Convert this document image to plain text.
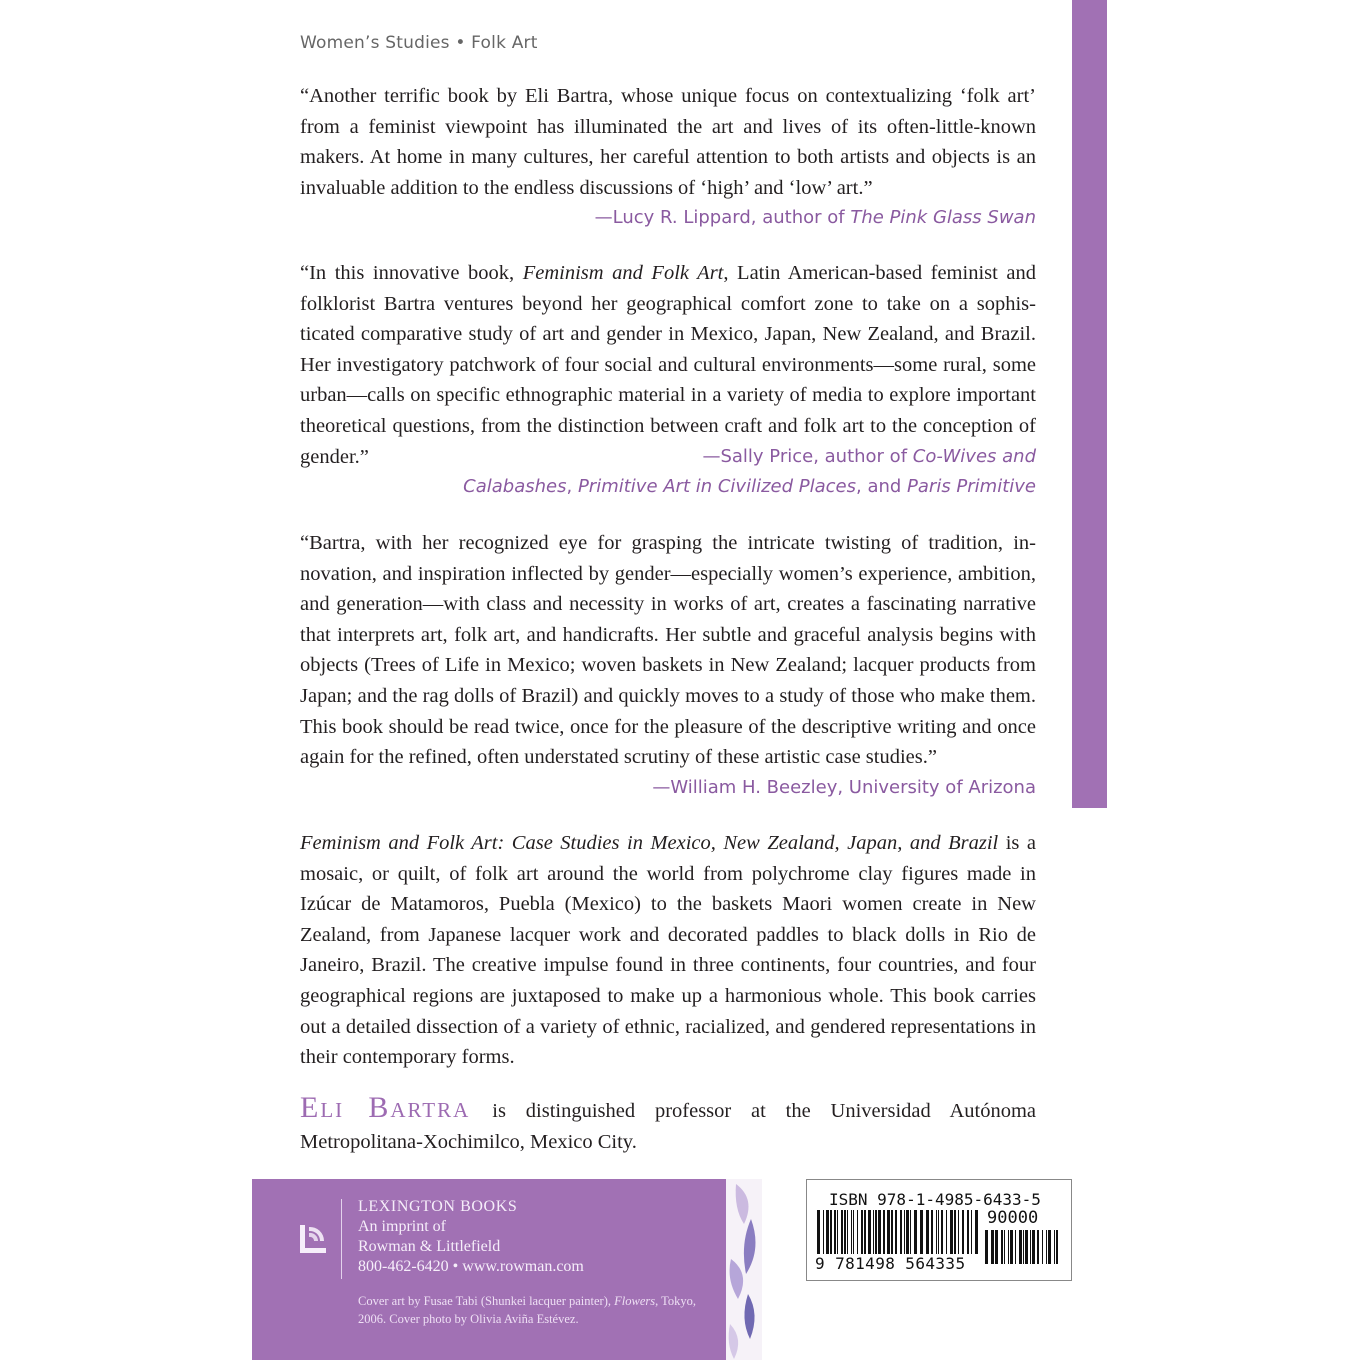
Women’s Studies • Folk Art

“Another terrific book by Eli Bartra, whose unique focus on contextualizing ‘folk art’ from a feminist viewpoint has illuminated the art and lives of its often-little-known makers. At home in many cultures, her careful attention to both artists and objects is an invaluable addition to the endless discussions of ‘high’ and ‘low’ art.”

—Lucy R. Lippard, author of The Pink Glass Swan

“In this innovative book, Feminism and Folk Art, Latin American-based feminist and folklorist Bartra ventures beyond her geographical comfort zone to take on a sophisticated comparative study of art and gender in Mexico, Japan, New Zealand, and Brazil. Her investigatory patchwork of four social and cultural environments—some rural, some urban—calls on specific ethnographic material in a variety of media to explore important theoretical questions, from the distinction between craft and folk art to the conception of gender.”	—Sally Price, author of Co-Wives and

Calabashes, Primitive Art in Civilized Places, and Paris Primitive

“Bartra, with her recognized eye for grasping the intricate twisting of tradition, innovation, and inspiration inflected by gender—especially women’s experience, ambition, and generation—with class and necessity in works of art, creates a fascinating narrative that interprets art, folk art, and handicrafts. Her subtle and graceful analysis begins with objects (Trees of Life in Mexico; woven baskets in New Zealand; lacquer products from Japan; and the rag dolls of Brazil) and quickly moves to a study of those who make them. This book should be read twice, once for the pleasure of the descriptive writing and once again for the refined, often understated scrutiny of these artistic case studies.”
—William H. Beezley, University of Arizona

Feminism and Folk Art: Case Studies in Mexico, New Zealand, Japan, and Brazil is a mosaic, or quilt, of folk art around the world from polychrome clay figures made in Izúcar de Matamoros, Puebla (Mexico) to the baskets Maori women create in New Zealand, from Japanese lacquer work and decorated paddles to black dolls in Rio de Janeiro, Brazil. The creative impulse found in three continents, four countries, and four geographical regions are juxtaposed to make up a harmonious whole. This book carries out a detailed dissection of a variety of ethnic, racialized, and gendered representations in their contemporary forms.

Eli Bartra is distinguished professor at the Universidad Autónoma Metropolitana-Xochimilco, Mexico City.

LEXINGTON BOOKS
An imprint of
Rowman & Littlefield
800-462-6420 • www.rowman.com
Cover art by Fusae Tabi (Shunkei lacquer painter), Flowers, Tokyo, 2006. Cover photo by Olivia Aviña Estévez.
ISBN 978-1-4985-6433-5
90000
9 781498 564335
